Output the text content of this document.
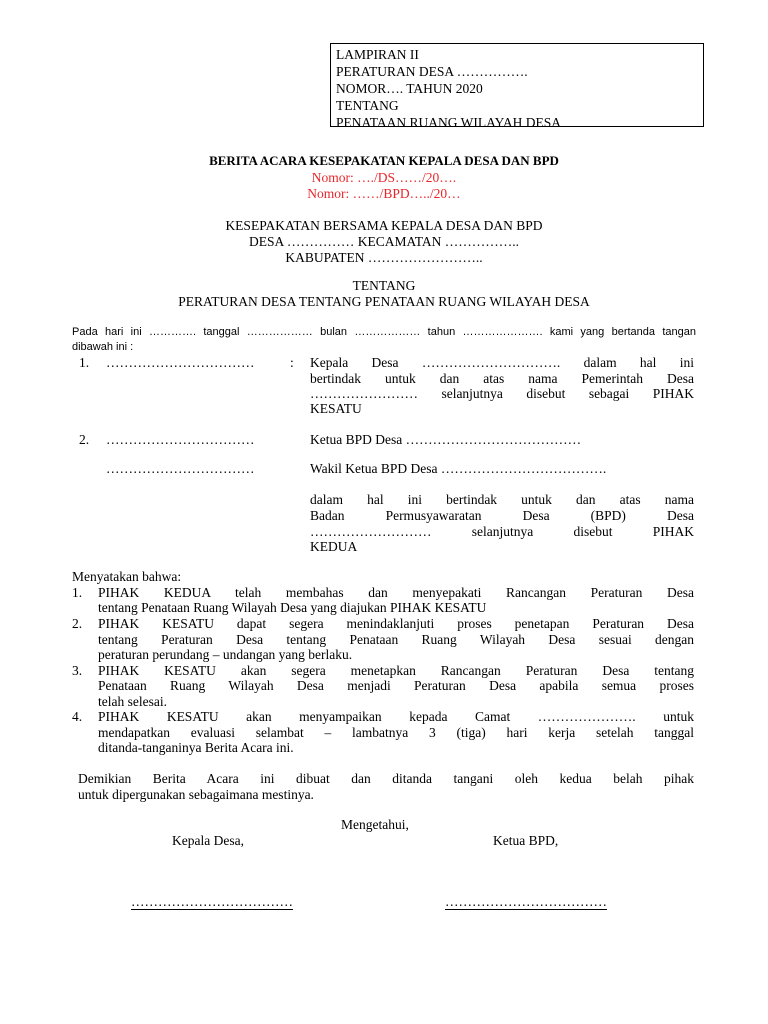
LAMPIRAN II
PERATURAN DESA …………….
NOMOR…. TAHUN 2020
TENTANG
PENATAAN RUANG WILAYAH DESA
BERITA ACARA KESEPAKATAN KEPALA DESA DAN BPD
Nomor: …./DS……/20….
Nomor: ……/BPD…../20…
KESEPAKATAN BERSAMA KEPALA DESA DAN BPD
DESA …………… KECAMATAN ……………..
KABUPATEN ……………………..
TENTANG
PERATURAN DESA TENTANG PENATAAN RUANG WILAYAH DESA
Pada hari ini …………. tanggal ……………… bulan ……………… tahun …………………. kami yang bertanda tangan
dibawah ini :
1. ……………………………	: Kepala Desa …………………………. dalam hal ini
bertindak untuk dan atas nama Pemerintah Desa
…………………… selanjutnya disebut sebagai PIHAK
KESATU
2. ……………………………	Ketua BPD Desa …………………………………
……………………………	Wakil Ketua BPD Desa ……………………………….
dalam hal ini bertindak untuk dan atas nama
Badan Permusyawaratan Desa (BPD) Desa
……………………… selanjutnya disebut PIHAK
KEDUA
Menyatakan bahwa:
1. PIHAK KEDUA telah membahas dan menyepakati Rancangan Peraturan Desa
tentang Penataan Ruang Wilayah Desa yang diajukan PIHAK KESATU
2. PIHAK KESATU dapat segera menindaklanjuti proses penetapan Peraturan Desa
tentang Peraturan Desa tentang Penataan Ruang Wilayah Desa sesuai dengan
peraturan perundang – undangan yang berlaku.
3. PIHAK KESATU akan segera menetapkan Rancangan Peraturan Desa tentang
Penataan Ruang Wilayah Desa menjadi Peraturan Desa apabila semua proses
telah selesai.
4. PIHAK KESATU akan menyampaikan kepada Camat …………………. untuk
mendapatkan evaluasi selambat – lambatnya 3 (tiga) hari kerja setelah tanggal
ditanda-tanganinya Berita Acara ini.
Demikian Berita Acara ini dibuat dan ditanda tangani oleh kedua belah pihak
untuk dipergunakan sebagaimana mestinya.
Mengetahui,
Kepala Desa,	Ketua BPD,
………………………………	………………………………
